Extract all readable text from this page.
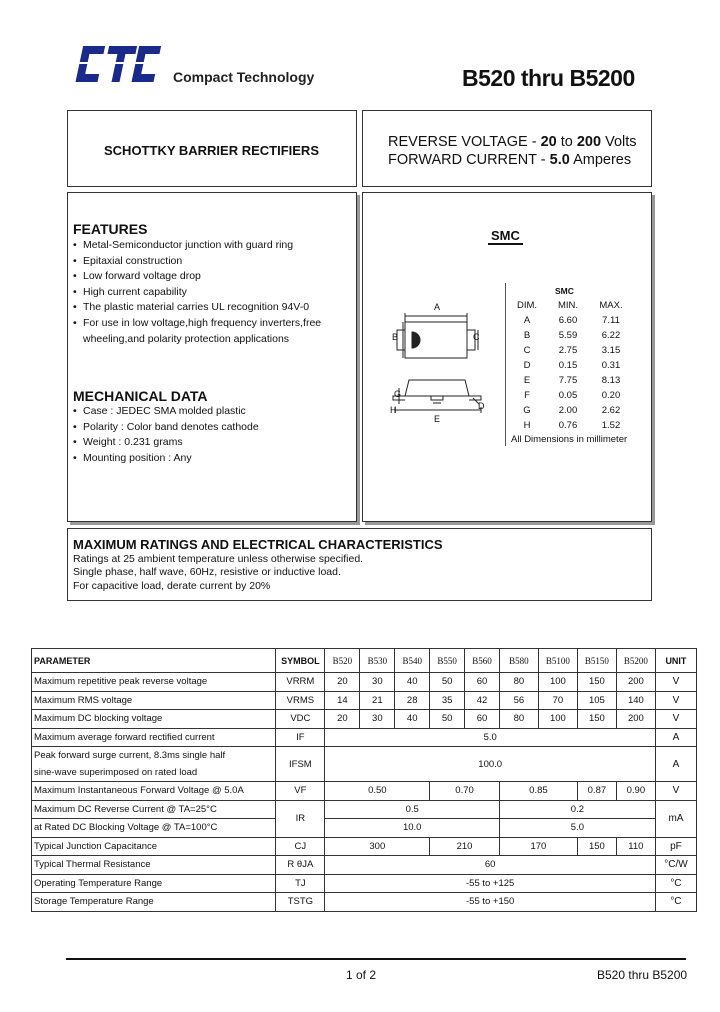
Compact Technology	B520 thru B5200
SCHOTTKY BARRIER RECTIFIERS
REVERSE VOLTAGE - 20 to 200 Volts
FORWARD CURRENT - 5.0 Amperes
FEATURES
• Metal-Semiconductor junction with guard ring
• Epitaxial construction
• Low forward voltage drop
• High current capability
• The plastic material carries UL recognition 94V-0
• For use in low voltage,high frequency inverters,free wheeling,and polarity protection applications
MECHANICAL DATA
• Case : JEDEC SMA molded plastic
• Polarity : Color band denotes cathode
• Weight : 0.231 grams
• Mounting position : Any
SMC
A
B	C
G
H
E
D
SMC
DIM.	MIN.	MAX.
A	6.60	7.11
B	5.59	6.22
C	2.75	3.15
D	0.15	0.31
E	7.75	8.13
F	0.05	0.20
G	2.00	2.62
H	0.76	1.52
All Dimensions in millimeter
MAXIMUM RATINGS AND ELECTRICAL CHARACTERISTICS
Ratings at 25 ambient temperature unless otherwise specified.
Single phase, half wave, 60Hz, resistive or inductive load.
For capacitive load, derate current by 20%
PARAMETER	SYMBOL	B520	B530	B540	B550	B560	B580	B5100	B5150	B5200	UNIT
Maximum repetitive peak reverse voltage	VRRM	20	30	40	50	60	80	100	150	200	V
Maximum RMS voltage	VRMS	14	21	28	35	42	56	70	105	140	V
Maximum DC blocking voltage	VDC	20	30	40	50	60	80	100	150	200	V
Maximum average forward rectified current	IF	5.0									A

Peak forward surge current, 8.3ms single half
sine-wave superimposed on rated load	IFSM	100.0									A
Maximum Instantaneous Forward Voltage @ 5.0A	VF	0.50			0.70		0.85		0.87	0.90	V
Maximum DC Reverse Current @ TA=25°C	IR	0.5					0.2				mA
at Rated DC Blocking Voltage @ TA=100°C		10.0					5.0				
Typical Junction Capacitance	CJ	300			210		170		150	110	pF
Typical Thermal Resistance	R θJA	60									°C/W
Operating Temperature Range	TJ	-55 to +125									°C
Storage Temperature Range	TSTG	-55 to +150									°C
1 of 2	B520 thru B5200
